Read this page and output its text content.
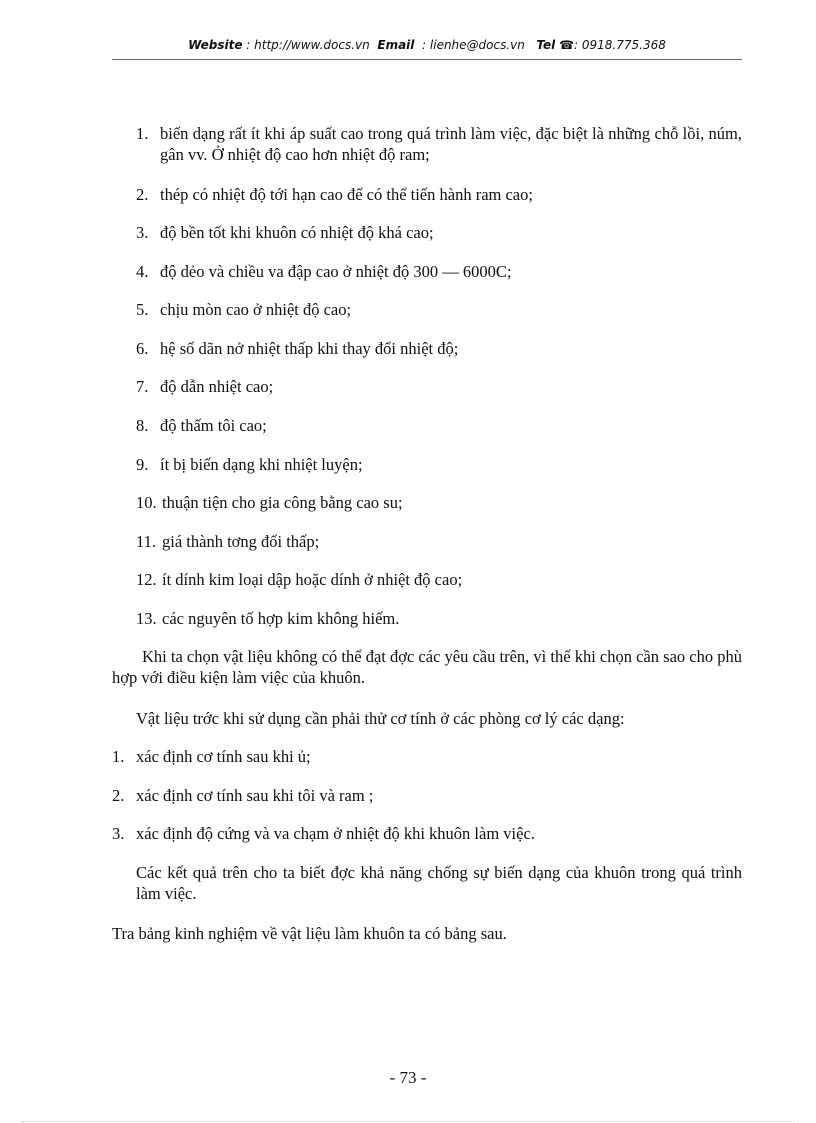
Website : http://www.docs.vn Email : lienhe@docs.vn Tel ☎: 0918.775.368
1. biến dạng rất ít khi áp suất cao trong quá trình làm việc, đặc biệt là những chỗ lồi, núm, gân vv. Ở nhiệt độ cao hơn nhiệt độ ram;
2. thép có nhiệt độ tới hạn cao để có thể tiến hành ram cao;
3. độ bền tốt khi khuôn có nhiệt độ khá cao;
4. độ dẻo và chiều va đập cao ở nhiệt độ 300 — 6000C;
5. chịu mòn cao ở nhiệt độ cao;
6. hệ số dãn nở nhiệt thấp khi thay đổi nhiệt độ;
7. độ dẫn nhiệt cao;
8. độ thấm tôi cao;
9. ít bị biến dạng khi nhiệt luyện;
10. thuận tiện cho gia công bằng cao su;
11. giá thành tơng đối thấp;
12. ít dính kim loại dập hoặc dính ở nhiệt độ cao;
13. các nguyên tố hợp kim không hiếm.
Khi ta chọn vật liệu không có thể đạt đợc các yêu cầu trên, vì thế khi chọn cần sao cho phù hợp với điều kiện làm việc của khuôn.
Vật liệu trớc khi sử dụng cần phải thử cơ tính ở các phòng cơ lý các dạng:
1. xác định cơ tính sau khi ủ;
2. xác định cơ tính sau khi tôi và ram ;
3. xác định độ cứng và va chạm ở nhiệt độ khi khuôn làm việc.
Các kết quả trên cho ta biết đợc khả năng chống sự biến dạng của khuôn trong quá trình làm việc.
Tra bảng kinh nghiệm về vật liệu làm khuôn ta có bảng sau.
- 73 -
